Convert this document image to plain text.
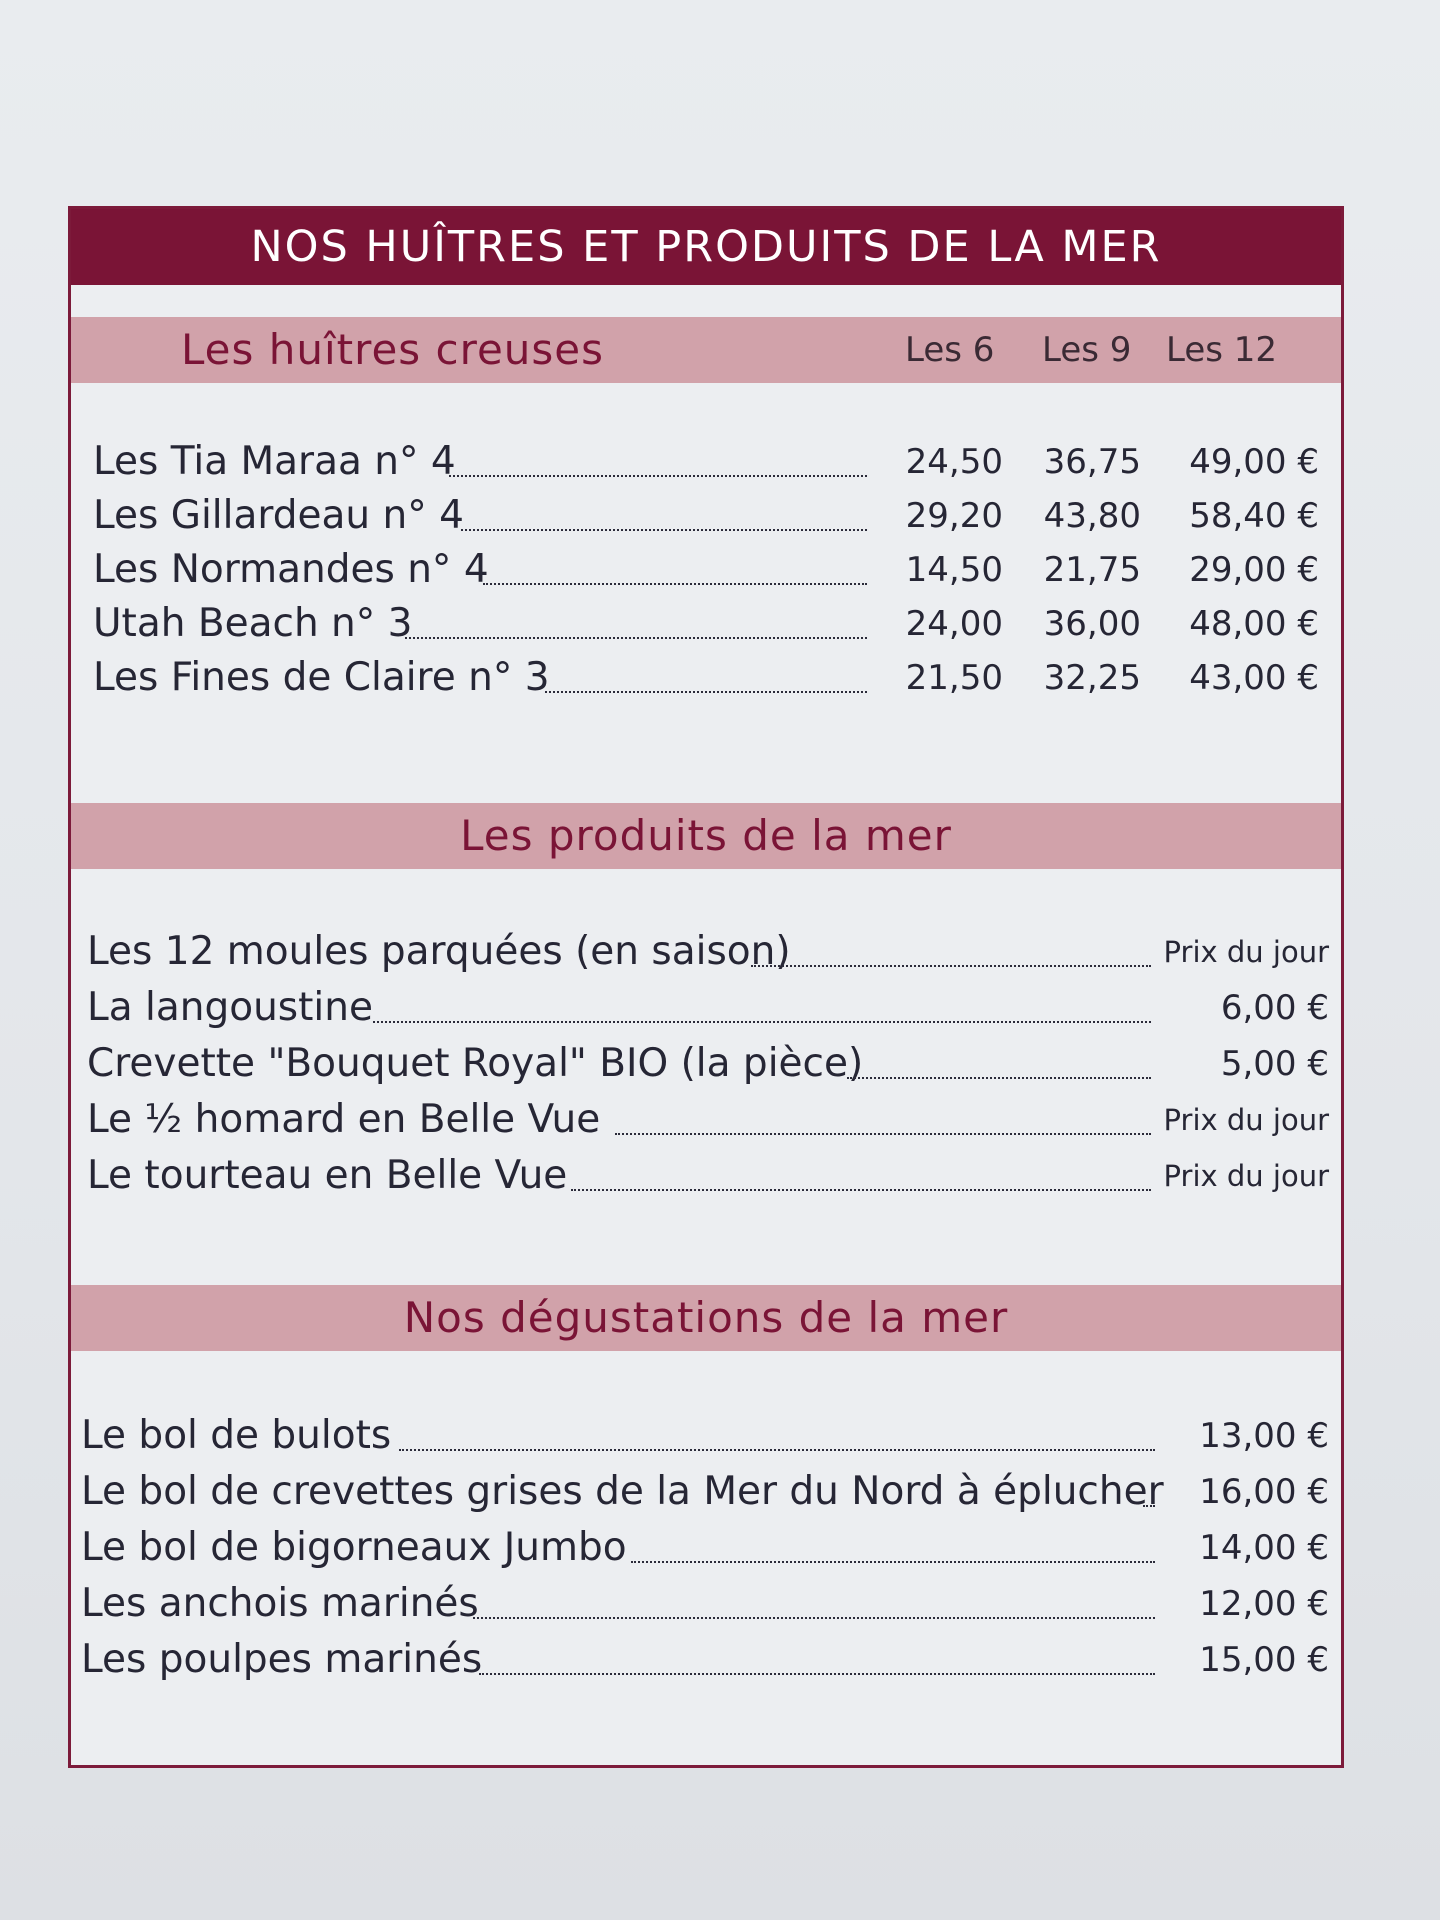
NOS HUÎTRES ET PRODUITS DE LA MER
Les huîtres creuses	Les 6 Les 9 Les 12
Les Tia Maraa n° 4	24,50 36,75 49,00 €
Les Gillardeau n° 4	29,20 43,80 58,40 €
Les Normandes n° 4	14,50 21,75 29,00 €
Utah Beach n° 3	24,00 36,00 48,00 €
Les Fines de Claire n° 3	21,50 32,25 43,00 €
Les produits de la mer
Les 12 moules parquées (en saison)	Prix du jour
La langoustine	6,00 €
Crevette "Bouquet Royal" BIO (la pièce)	5,00 €
Le ½ homard en Belle Vue	Prix du jour
Le tourteau en Belle Vue	Prix du jour
Nos dégustations de la mer
Le bol de bulots	13,00 €
Le bol de crevettes grises de la Mer du Nord à éplucher 16,00 €
Le bol de bigorneaux Jumbo	14,00 €
Les anchois marinés	12,00 €
Les poulpes marinés	15,00 €
